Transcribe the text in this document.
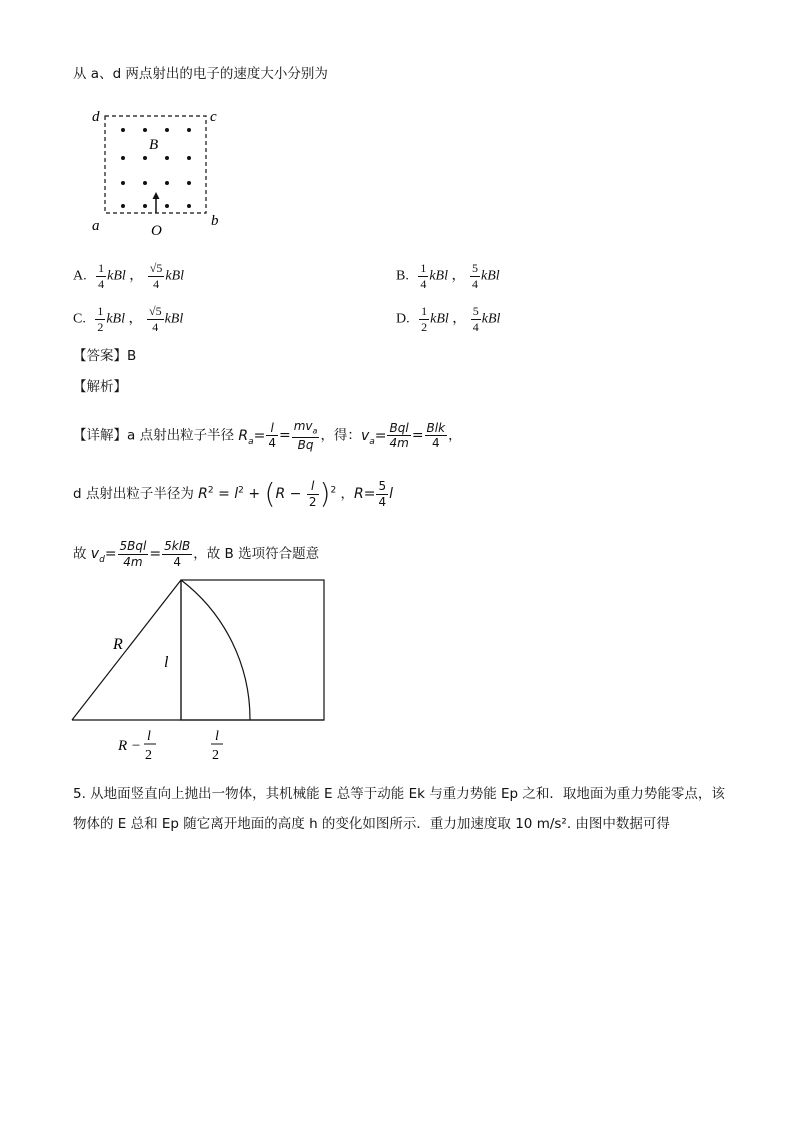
从 a、d 两点射出的电子的速度大小分别为
d	c
a	b
O
B
A. $\frac{1}{4}$ kBl ， $\frac{√5}{4}$ kBl	B. $\frac{1}{4}$ kBl ， $\frac{5}{4}$ kBl
C. $\frac{1}{2}$ kBl ， $\frac{√5}{4}$ kBl	D. $\frac{1}{2}$ kBl ， $\frac{5}{4}$ kBl
【答案】B
【解析】
【详解】a 点射出粒子半径 $R_a= \frac{l}{4} = \frac{mv_a}{Bq}$ ，得：$v_a= \frac{\text{Bql}}{4m} = \frac{\text{Blk}}{4}$ ，
d 点射出粒子半径为 $R^2 = l^2 + (R - \frac{l}{2} )^2$ ，$R= \frac{5}{4}$ l
故 $v_d= \frac{\text{5Bql}}{4m} = \frac{\text{5klB}}{4}$ ，故 B 选项符合题意
R
l
R −
l
2
l
2
5. 从地面竖直向上抛出一物体，其机械能 E 总等于动能 Ek 与重力势能 Ep 之和．取地面为重力势能零点，该
物体的 E 总和 Ep 随它离开地面的高度 h 的变化如图所示．重力加速度取 10 m/s². 由图中数据可得
